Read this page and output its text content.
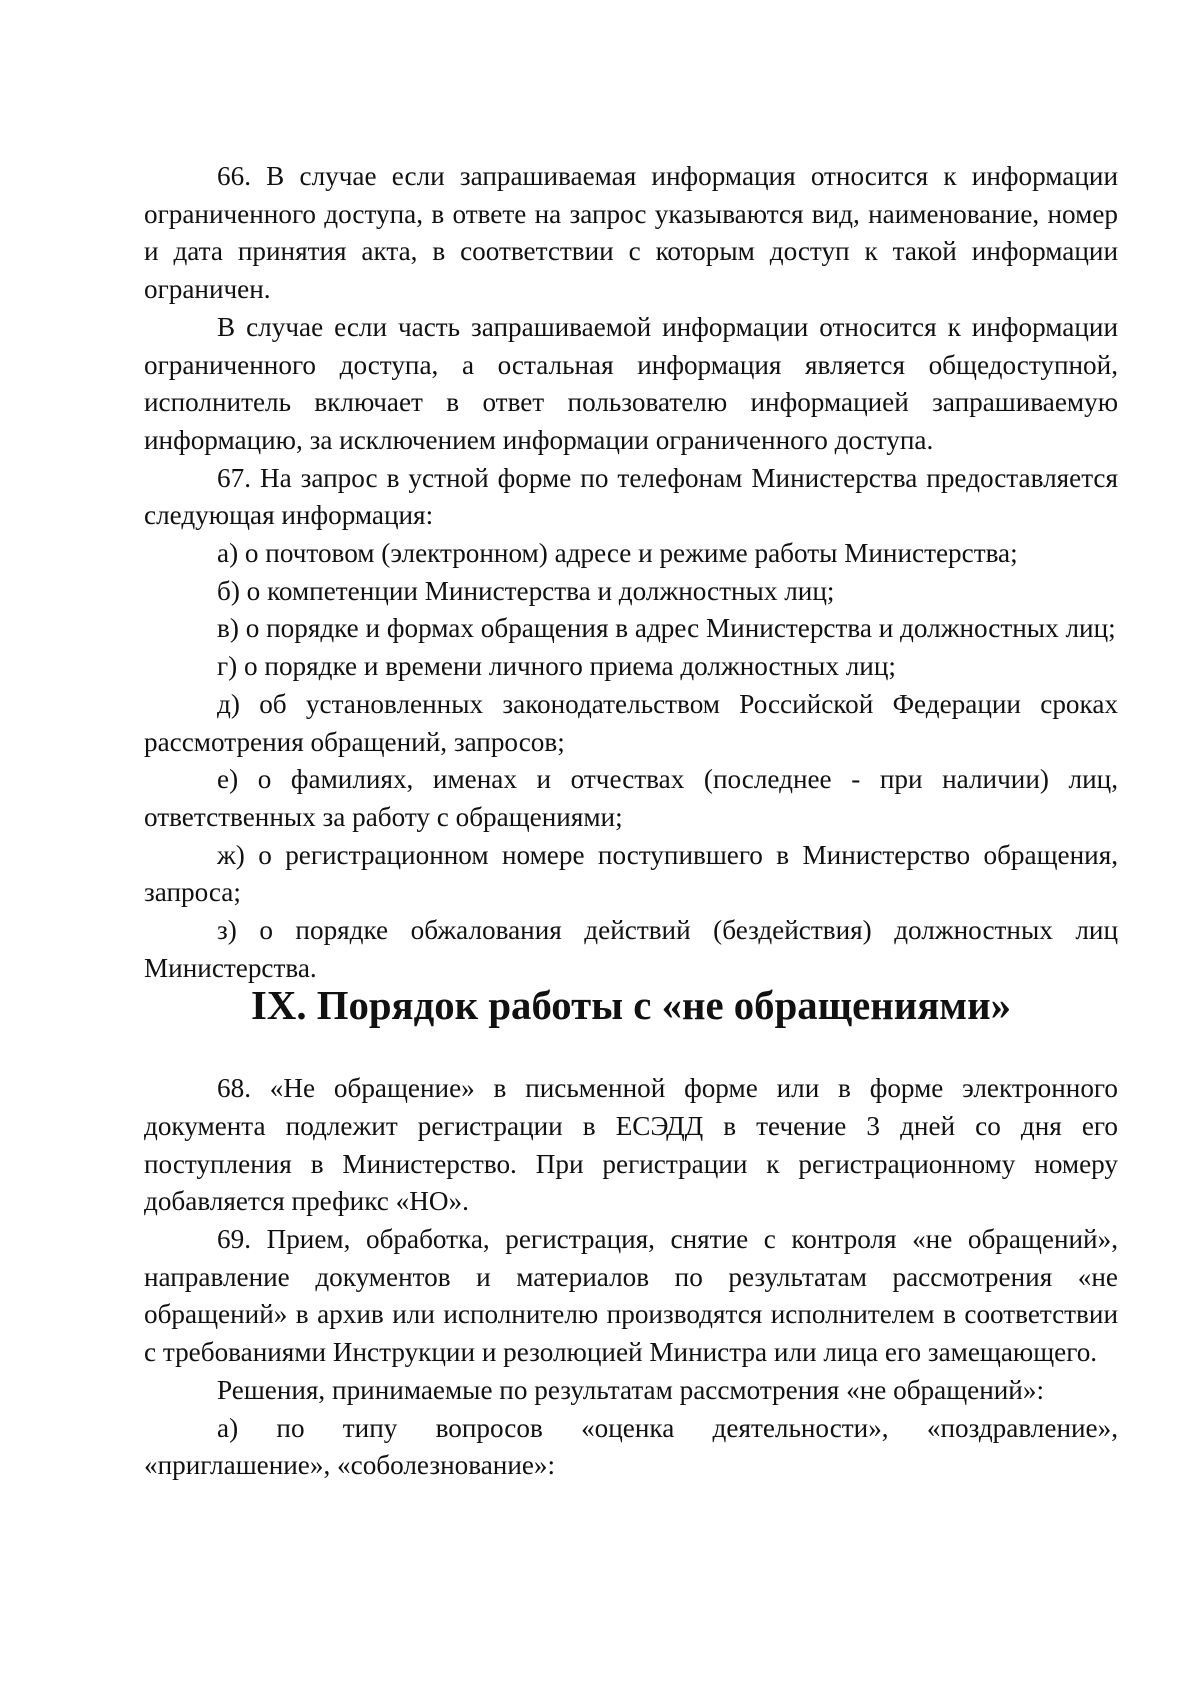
66. В случае если запрашиваемая информация относится к информации ограниченного доступа, в ответе на запрос указываются вид, наименование, номер и дата принятия акта, в соответствии с которым доступ к такой информации ограничен.

В случае если часть запрашиваемой информации относится к информации ограниченного доступа, а остальная информация является общедоступной, исполнитель включает в ответ пользователю информацией запрашиваемую информацию, за исключением информации ограниченного доступа.

67. На запрос в устной форме по телефонам Министерства предоставляется следующая информация:

а) о почтовом (электронном) адресе и режиме работы Министерства;

б) о компетенции Министерства и должностных лиц;

в) о порядке и формах обращения в адрес Министерства и должностных лиц;

г) о порядке и времени личного приема должностных лиц;

д) об установленных законодательством Российской Федерации сроках рассмотрения обращений, запросов;

е) о фамилиях, именах и отчествах (последнее - при наличии) лиц, ответственных за работу с обращениями;

ж) о регистрационном номере поступившего в Министерство обращения, запроса;

з) о порядке обжалования действий (бездействия) должностных лиц Министерства.

IX. Порядок работы с «не обращениями»

68. «Не обращение» в письменной форме или в форме электронного документа подлежит регистрации в ЕСЭДД в течение 3 дней со дня его поступления в Министерство. При регистрации к регистрационному номеру добавляется префикс «НО».

69. Прием, обработка, регистрация, снятие с контроля «не обращений», направление документов и материалов по результатам рассмотрения «не обращений» в архив или исполнителю производятся исполнителем в соответствии с требованиями Инструкции и резолюцией Министра или лица его замещающего.

Решения, принимаемые по результатам рассмотрения «не обращений»:

а) по типу вопросов «оценка деятельности», «поздравление», «приглашение», «соболезнование»:
